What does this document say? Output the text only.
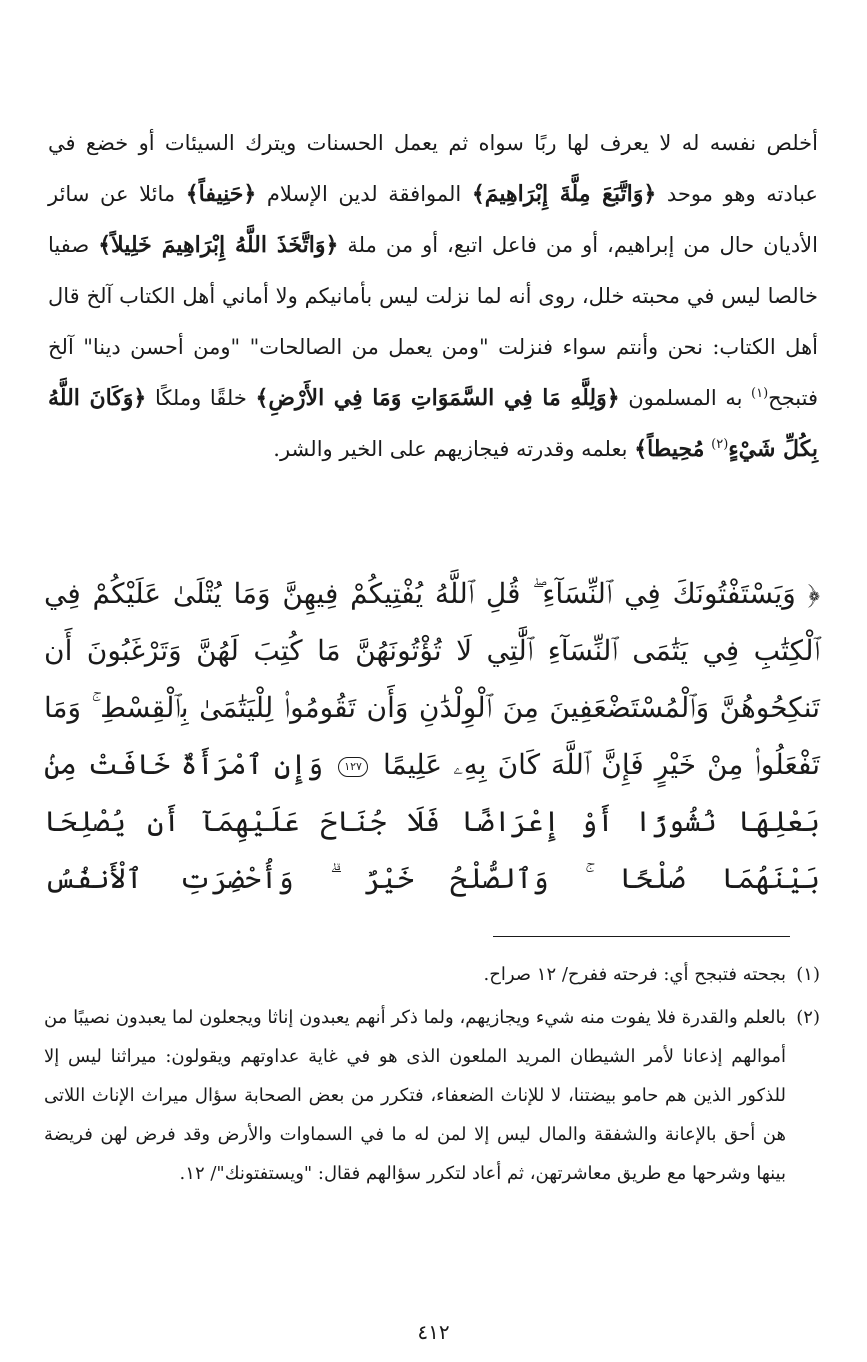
أخلص نفسه له لا يعرف لها ربًا سواه ثم يعمل الحسنات ويترك السيئات أو خضع في عبادته وهو موحد ﴿وَاتَّبَعَ مِلَّةَ إِبْرَاهِيمَ﴾ الموافقة لدين الإسلام ﴿حَنِيفاً﴾ مائلا عن سائر الأديان حال من إبراهيم، أو من فاعل اتبع، أو من ملة ﴿وَاتَّخَذَ اللَّهُ إِبْرَاهِيمَ خَلِيلاً﴾ صفيا خالصا ليس في محبته خلل، روى أنه لما نزلت ليس بأمانيكم ولا أماني أهل الكتاب آلخ قال أهل الكتاب: نحن وأنتم سواء فنزلت "ومن يعمل من الصالحات" "ومن أحسن دينا" آلخ فتبجح$^{(١)}$ به المسلمون ﴿وَلِلَّهِ مَا فِي السَّمَوَاتِ وَمَا فِي الأَرْضِ﴾ خلقًا وملكًا ﴿وَكَانَ اللَّهُ بِكُلِّ شَيْءٍ$^{(٢)}$ مُحِيطاً﴾ بعلمه وقدرته فيجازيهم على الخير والشر.

﴿ وَيَسْتَفْتُونَكَ فِي ٱلنِّسَآءِ ۖ قُلِ ٱللَّهُ يُفْتِيكُمْ فِيهِنَّ وَمَا يُتْلَىٰ عَلَيْكُمْ فِي ٱلْكِتَٰبِ فِي يَتَٰمَى ٱلنِّسَآءِ ٱلَّٰتِي لَا تُؤْتُونَهُنَّ مَا كُتِبَ لَهُنَّ وَتَرْغَبُونَ أَن تَنكِحُوهُنَّ وَٱلْمُسْتَضْعَفِينَ مِنَ ٱلْوِلْدَٰنِ وَأَن تَقُومُوا۟ لِلْيَتَٰمَىٰ بِٱلْقِسْطِ ۚ وَمَا تَفْعَلُوا۟ مِنْ خَيْرٍ فَإِنَّ ٱللَّهَ كَانَ بِهِۦ عَلِيمًا ١٢٧ وَإِنِ ٱمْرَأَةٌ خَافَتْ مِنۢ بَعْلِهَا نُشُوزًا أَوْ إِعْرَاضًا فَلَا جُنَاحَ عَلَيْهِمَآ أَن يُصْلِحَا بَيْنَهُمَا صُلْحًا ۚ وَٱلصُّلْحُ خَيْرٌ ۗ وَأُحْضِرَتِ ٱلْأَنفُسُ

(١)
بجحته فتبجح أي: فرحته ففرح/ ١٢ صراح.
(٢)
بالعلم والقدرة فلا يفوت منه شيء ويجازيهم، ولما ذكر أنهم يعبدون إناثا ويجعلون لما يعبدون نصيبًا من أموالهم إذعانا لأمر الشيطان المريد الملعون الذى هو في غاية عداوتهم ويقولون: ميراثنا ليس إلا للذكور الذين هم حامو بيضتنا، لا للإناث الضعفاء، فتكرر من بعض الصحابة سؤال ميراث الإناث اللاتى هن أحق بالإعانة والشفقة والمال ليس إلا لمن له ما في السماوات والأرض وقد فرض لهن فريضة بينها وشرحها مع طريق معاشرتهن، ثم أعاد لتكرر سؤالهم فقال: "ويستفتونك"/ ١٢.
٤١٢
